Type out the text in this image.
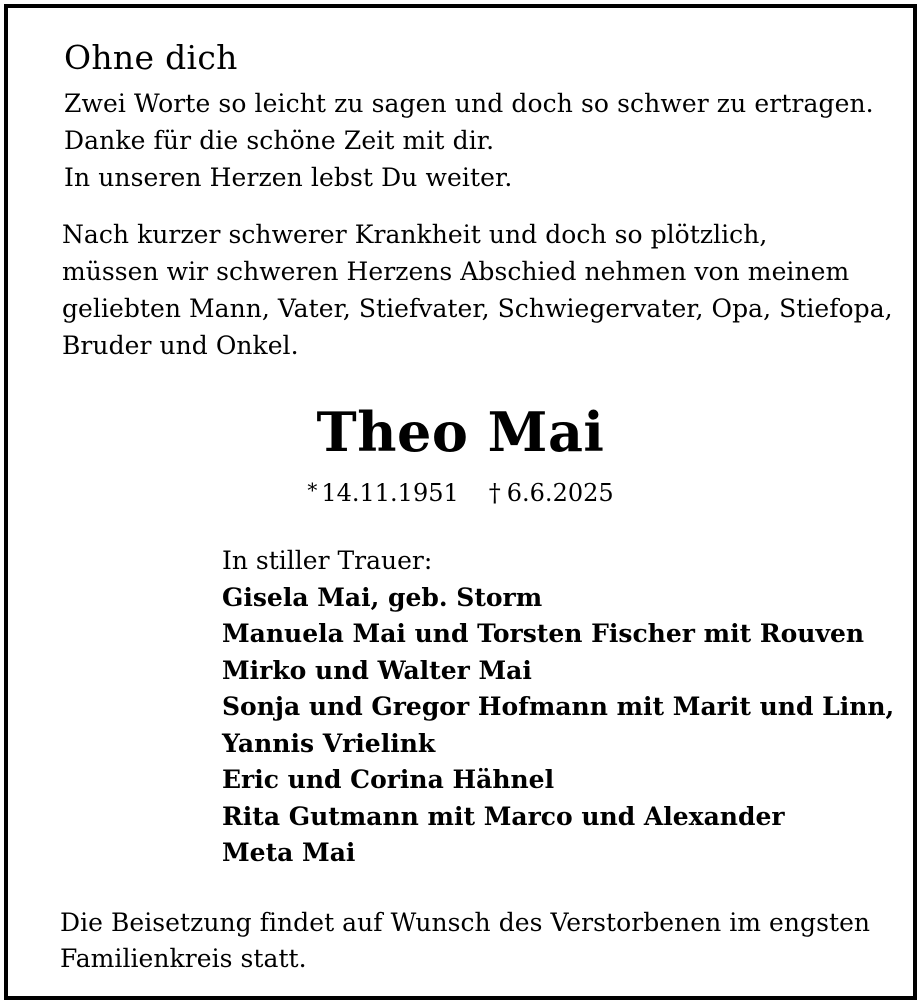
Ohne dich
Zwei Worte so leicht zu sagen und doch so schwer zu ertragen.
Danke für die schöne Zeit mit dir.
In unseren Herzen lebst Du weiter.
Nach kurzer schwerer Krankheit und doch so plötzlich,
müssen wir schweren Herzens Abschied nehmen von meinem
geliebten Mann, Vater, Stiefvater, Schwiegervater, Opa, Stiefopa,
Bruder und Onkel.
Theo Mai
* 14.11.1951 † 6.6.2025
In stiller Trauer:
Gisela Mai, geb. Storm
Manuela Mai und Torsten Fischer mit Rouven
Mirko und Walter Mai
Sonja und Gregor Hofmann mit Marit und Linn,
Yannis Vrielink
Eric und Corina Hähnel
Rita Gutmann mit Marco und Alexander
Meta Mai
Die Beisetzung findet auf Wunsch des Verstorbenen im engsten
Familienkreis statt.
